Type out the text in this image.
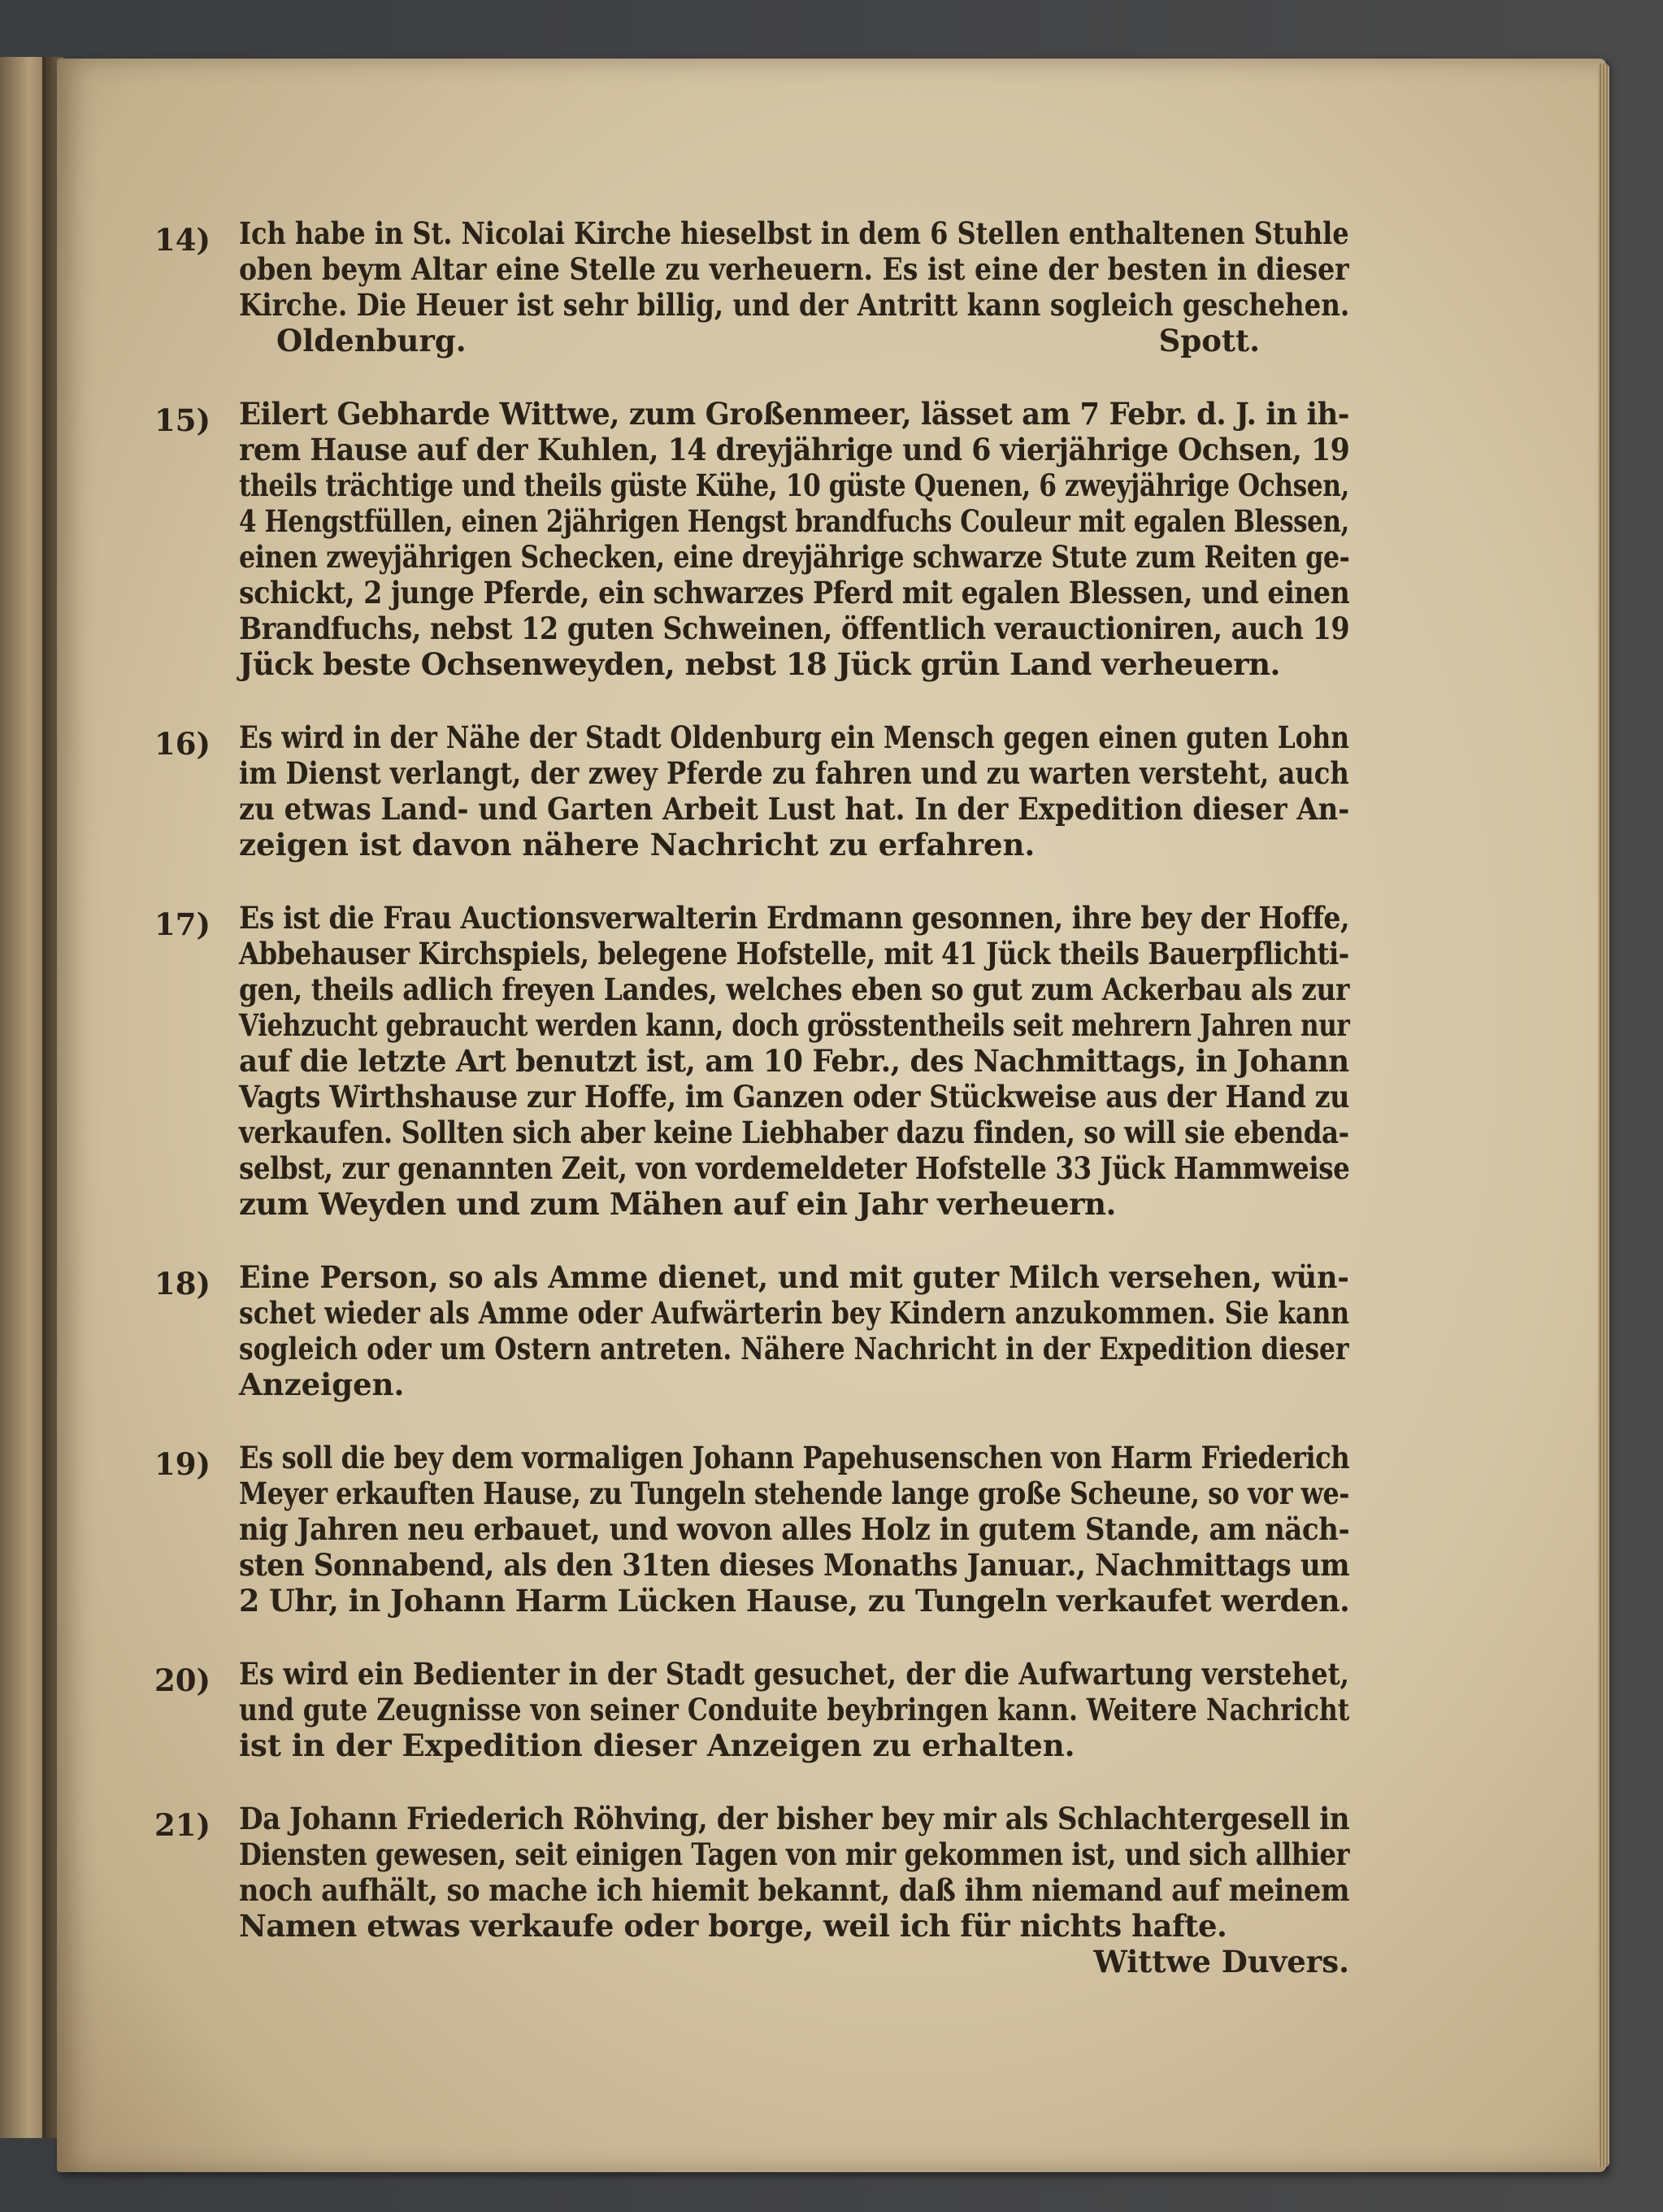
14) Ich habe in St. Nicolai Kirche hieselbst in dem 6 Stellen enthaltenen Stuhle
oben beym Altar eine Stelle zu verheuern. Es ist eine der besten in dieser
Kirche. Die Heuer ist sehr billig, und der Antritt kann sogleich geschehen.
Oldenburg.	Spott.
15) Eilert Gebharde Wittwe, zum Großenmeer, lässet am 7 Febr. d. J. in ih-
rem Hause auf der Kuhlen, 14 dreyjährige und 6 vierjährige Ochsen, 19
theils trächtige und theils güste Kühe, 10 güste Quenen, 6 zweyjährige Ochsen,
4 Hengstfüllen, einen 2jährigen Hengst brandfuchs Couleur mit egalen Blessen,
einen zweyjährigen Schecken, eine dreyjährige schwarze Stute zum Reiten ge-
schickt, 2 junge Pferde, ein schwarzes Pferd mit egalen Blessen, und einen
Brandfuchs, nebst 12 guten Schweinen, öffentlich verauctioniren, auch 19
Jück beste Ochsenweyden, nebst 18 Jück grün Land verheuern.
16) Es wird in der Nähe der Stadt Oldenburg ein Mensch gegen einen guten Lohn
im Dienst verlangt, der zwey Pferde zu fahren und zu warten versteht, auch
zu etwas Land- und Garten Arbeit Lust hat. In der Expedition dieser An-
zeigen ist davon nähere Nachricht zu erfahren.
17) Es ist die Frau Auctionsverwalterin Erdmann gesonnen, ihre bey der Hoffe,
Abbehauser Kirchspiels, belegene Hofstelle, mit 41 Jück theils Bauerpflichti-
gen, theils adlich freyen Landes, welches eben so gut zum Ackerbau als zur
Viehzucht gebraucht werden kann, doch grösstentheils seit mehrern Jahren nur
auf die letzte Art benutzt ist, am 10 Febr., des Nachmittags, in Johann
Vagts Wirthshause zur Hoffe, im Ganzen oder Stückweise aus der Hand zu
verkaufen. Sollten sich aber keine Liebhaber dazu finden, so will sie ebenda-
selbst, zur genannten Zeit, von vordemeldeter Hofstelle 33 Jück Hammweise
zum Weyden und zum Mähen auf ein Jahr verheuern.
18) Eine Person, so als Amme dienet, und mit guter Milch versehen, wün-
schet wieder als Amme oder Aufwärterin bey Kindern anzukommen. Sie kann
sogleich oder um Ostern antreten. Nähere Nachricht in der Expedition dieser
Anzeigen.
19) Es soll die bey dem vormaligen Johann Papehusenschen von Harm Friederich
Meyer erkauften Hause, zu Tungeln stehende lange große Scheune, so vor we-
nig Jahren neu erbauet, und wovon alles Holz in gutem Stande, am näch-
sten Sonnabend, als den 31ten dieses Monaths Januar., Nachmittags um
2 Uhr, in Johann Harm Lücken Hause, zu Tungeln verkaufet werden.
20) Es wird ein Bedienter in der Stadt gesuchet, der die Aufwartung verstehet,
und gute Zeugnisse von seiner Conduite beybringen kann. Weitere Nachricht
ist in der Expedition dieser Anzeigen zu erhalten.
21) Da Johann Friederich Röhving, der bisher bey mir als Schlachtergesell in
Diensten gewesen, seit einigen Tagen von mir gekommen ist, und sich allhier
noch aufhält, so mache ich hiemit bekannt, daß ihm niemand auf meinem
Namen etwas verkaufe oder borge, weil ich für nichts hafte.
Wittwe Duvers.
